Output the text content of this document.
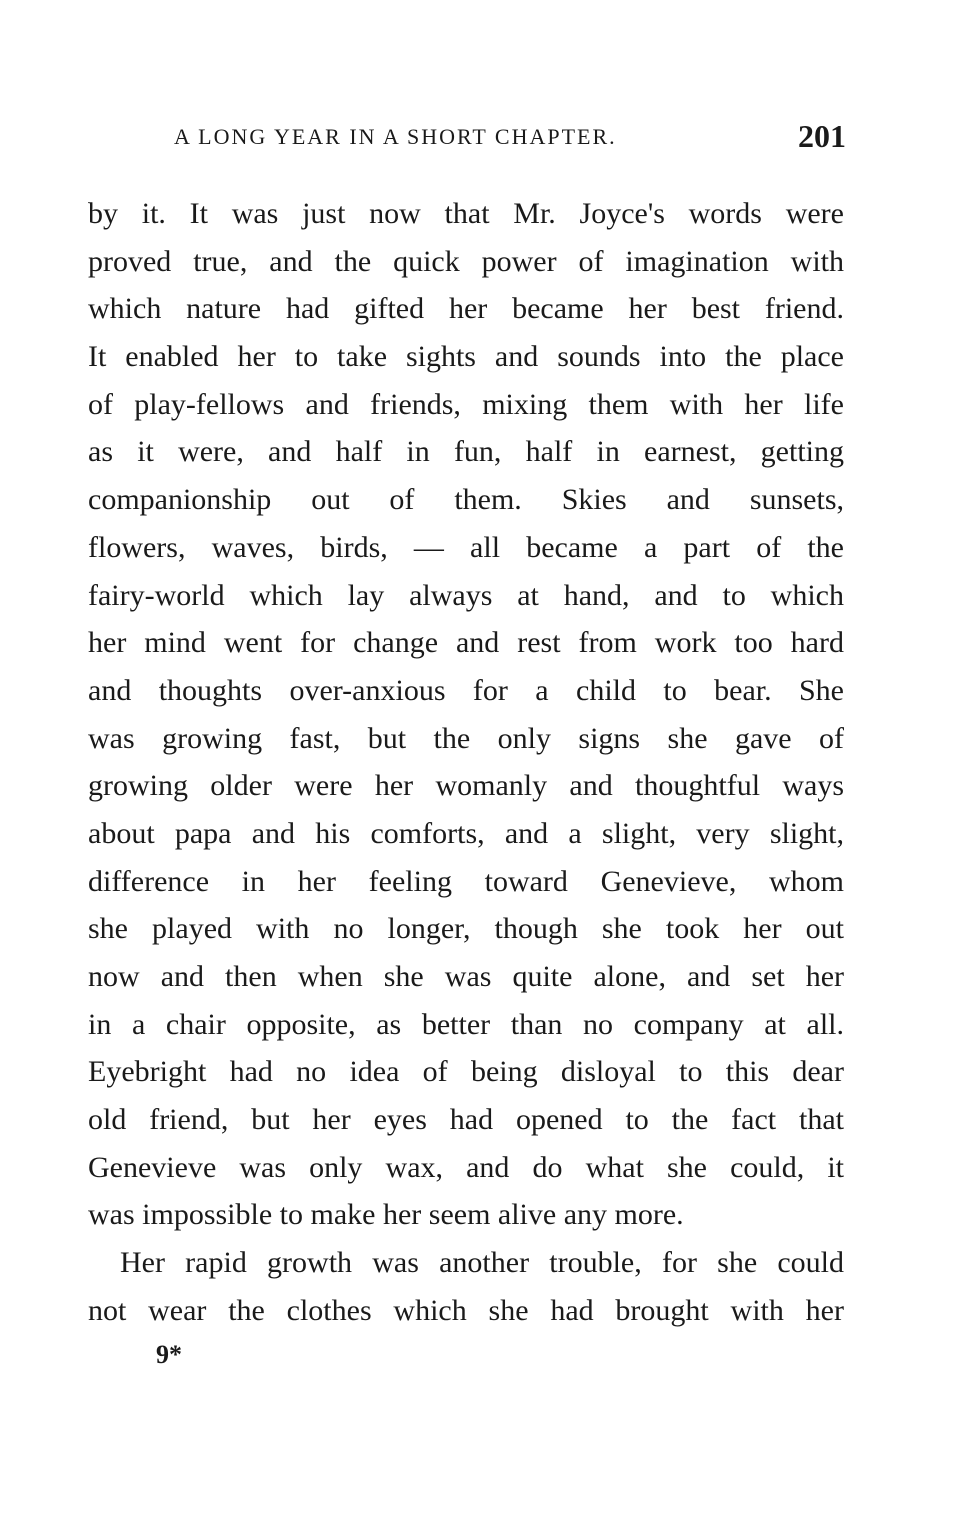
A LONG YEAR IN A SHORT CHAPTER.	201
by it. It was just now that Mr. Joyce's words were
proved true, and the quick power of imagination with
which nature had gifted her became her best friend.
It enabled her to take sights and sounds into the place
of play-fellows and friends, mixing them with her life
as it were, and half in fun, half in earnest, getting
companionship out of them. Skies and sunsets,
flowers, waves, birds, — all became a part of the
fairy-world which lay always at hand, and to which
her mind went for change and rest from work too hard
and thoughts over-anxious for a child to bear. She
was growing fast, but the only signs she gave of
growing older were her womanly and thoughtful ways
about papa and his comforts, and a slight, very slight,
difference in her feeling toward Genevieve, whom
she played with no longer, though she took her out
now and then when she was quite alone, and set her
in a chair opposite, as better than no company at all.
Eyebright had no idea of being disloyal to this dear
old friend, but her eyes had opened to the fact that
Genevieve was only wax, and do what she could, it
was impossible to make her seem alive any more.
Her rapid growth was another trouble, for she could
not wear the clothes which she had brought with her
9*
